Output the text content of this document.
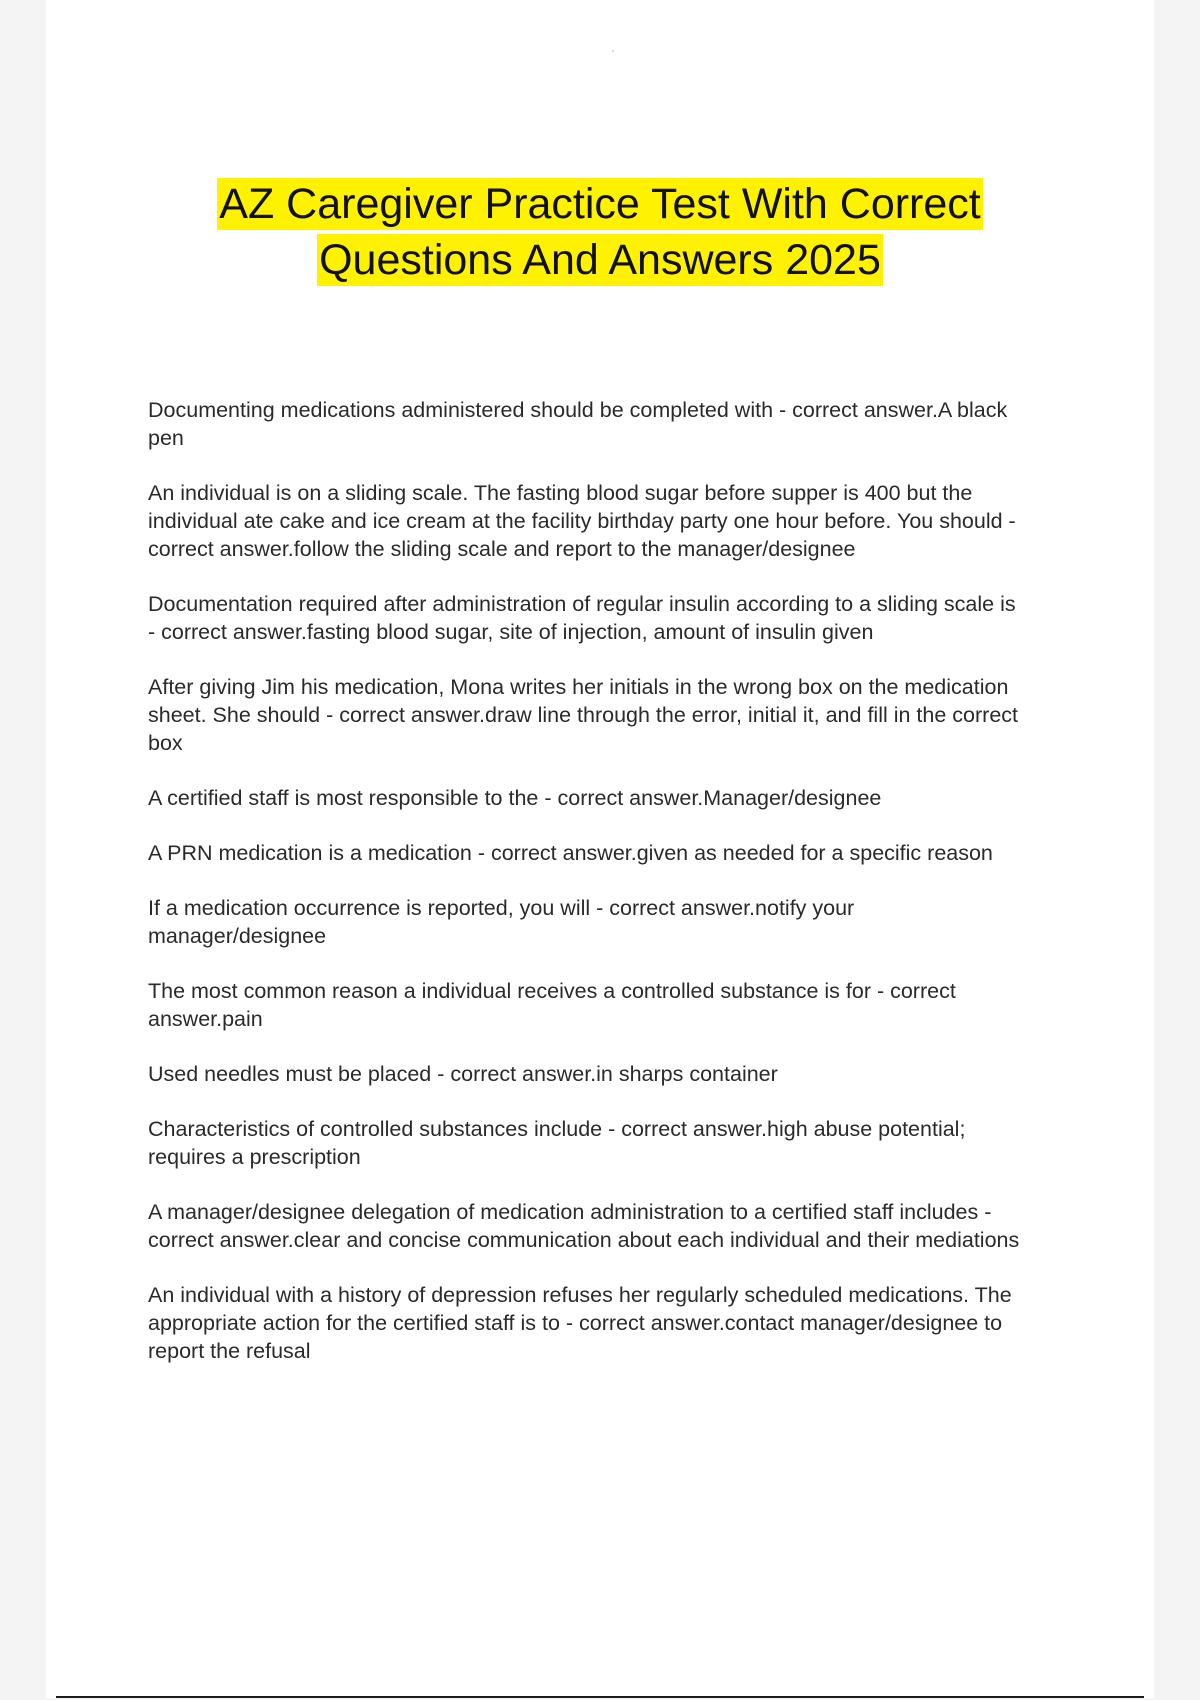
AZ Caregiver Practice Test With Correct
Questions And Answers 2025
Documenting medications administered should be completed with - correct answer.A black pen
An individual is on a sliding scale. The fasting blood sugar before supper is 400 but the individual ate cake and ice cream at the facility birthday party one hour before. You should - correct answer.follow the sliding scale and report to the manager/designee
Documentation required after administration of regular insulin according to a sliding scale is - correct answer.fasting blood sugar, site of injection, amount of insulin given
After giving Jim his medication, Mona writes her initials in the wrong box on the medication sheet. She should - correct answer.draw line through the error, initial it, and fill in the correct box
A certified staff is most responsible to the - correct answer.Manager/designee
A PRN medication is a medication - correct answer.given as needed for a specific reason
If a medication occurrence is reported, you will - correct answer.notify your manager/designee
The most common reason a individual receives a controlled substance is for - correct answer.pain
Used needles must be placed - correct answer.in sharps container
Characteristics of controlled substances include - correct answer.high abuse potential; requires a prescription
A manager/designee delegation of medication administration to a certified staff includes - correct answer.clear and concise communication about each individual and their mediations
An individual with a history of depression refuses her regularly scheduled medications. The appropriate action for the certified staff is to - correct answer.contact manager/designee to report the refusal
